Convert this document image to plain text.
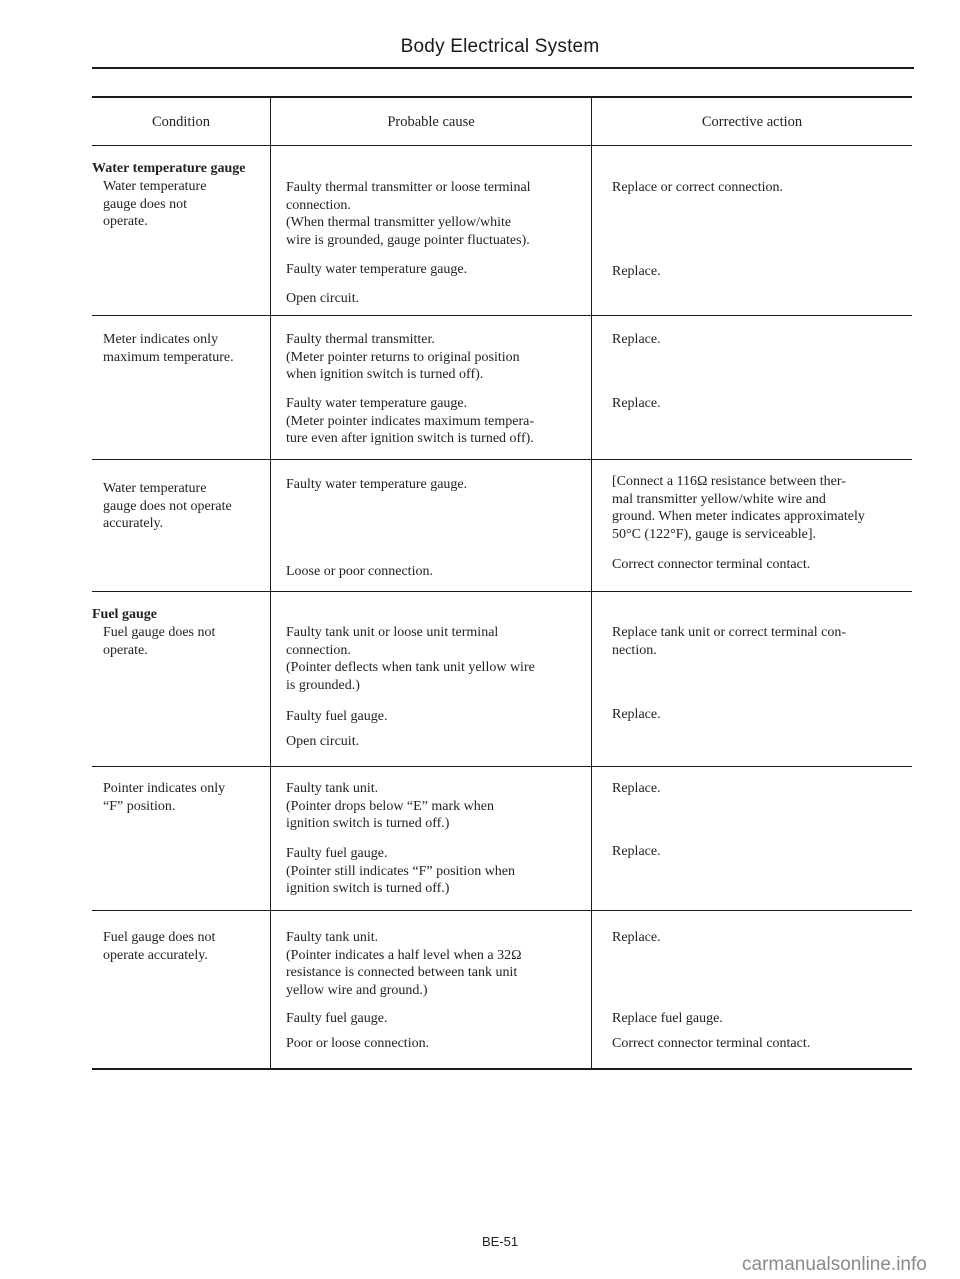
Body Electrical System
Condition	Probable cause	Corrective action
Water temperature gauge
Water temperature
gauge does not
operate.
Faulty thermal transmitter or loose terminal
connection.
(When thermal transmitter yellow/white
wire is grounded, gauge pointer fluctuates).
Faulty water temperature gauge.
Open circuit.
Replace or correct connection.
Replace.
Meter indicates only
maximum temperature.
Faulty thermal transmitter.
(Meter pointer returns to original position
when ignition switch is turned off).
Faulty water temperature gauge.
(Meter pointer indicates maximum tempera-
ture even after ignition switch is turned off).
Replace.
Replace.
Water temperature
gauge does not operate
accurately.
Faulty water temperature gauge.
Loose or poor connection.
[Connect a 116Ω resistance between ther-
mal transmitter yellow/white wire and
ground. When meter indicates approximately
50°C (122°F), gauge is serviceable].
Correct connector terminal contact.
Fuel gauge
Fuel gauge does not
operate.
Faulty tank unit or loose unit terminal
connection.
(Pointer deflects when tank unit yellow wire
is grounded.)
Faulty fuel gauge.
Open circuit.
Replace tank unit or correct terminal con-
nection.
Replace.
Pointer indicates only
“F” position.
Faulty tank unit.
(Pointer drops below “E” mark when
ignition switch is turned off.)
Faulty fuel gauge.
(Pointer still indicates “F” position when
ignition switch is turned off.)
Replace.
Replace.
Fuel gauge does not
operate accurately.
Faulty tank unit.
(Pointer indicates a half level when a 32Ω
resistance is connected between tank unit
yellow wire and ground.)
Faulty fuel gauge.
Poor or loose connection.
Replace.
Replace fuel gauge.
Correct connector terminal contact.
BE-51
carmanualsonline.info
